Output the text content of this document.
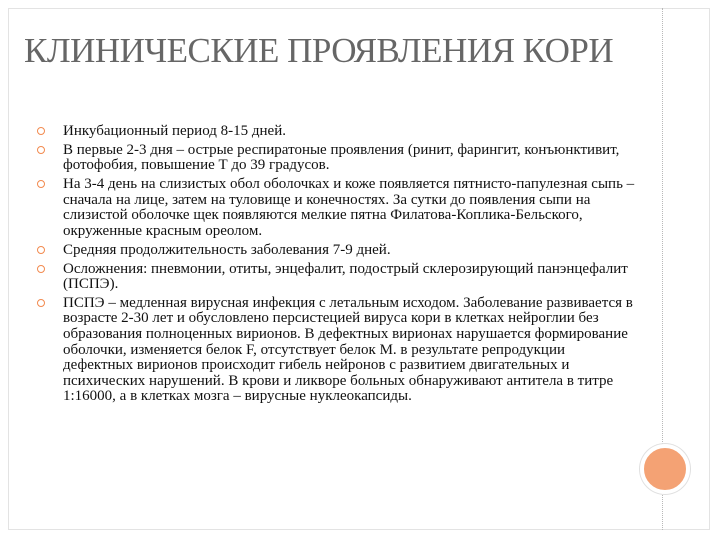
КЛИНИЧЕСКИЕ ПРОЯВЛЕНИЯ КОРИ
Инкубационный период 8-15 дней.
В первые 2-3 дня – острые респиратоные проявления (ринит, фарингит, конъюнктивит, фотофобия, повышение Т до 39 градусов.
На 3-4 день на слизистых обол оболочках и коже появляется пятнисто-папулезная сыпь – сначала на лице, затем на туловище и конечностях. За сутки до появления сыпи на слизистой оболочке щек появляются мелкие пятна Филатова-Коплика-Бельского, окруженные красным ореолом.
Средняя продолжительность заболевания 7-9 дней.
Осложнения: пневмонии, отиты, энцефалит, подострый склерозирующий панэнцефалит (ПСПЭ).
ПСПЭ – медленная вирусная инфекция с летальным исходом. Заболевание развивается в возрасте 2-30 лет и обусловлено персистецией вируса кори в клетках нейроглии без образования полноценных вирионов. В дефектных вирионах нарушается формирование оболочки, изменяется белок F, отсутствует белок М. в результате репродукции дефектных вирионов происходит гибель нейронов с развитием двигательных и психических нарушений. В крови и ликворе больных обнаруживают антитела в титре 1:16000, а в клетках мозга – вирусные нуклеокапсиды.
